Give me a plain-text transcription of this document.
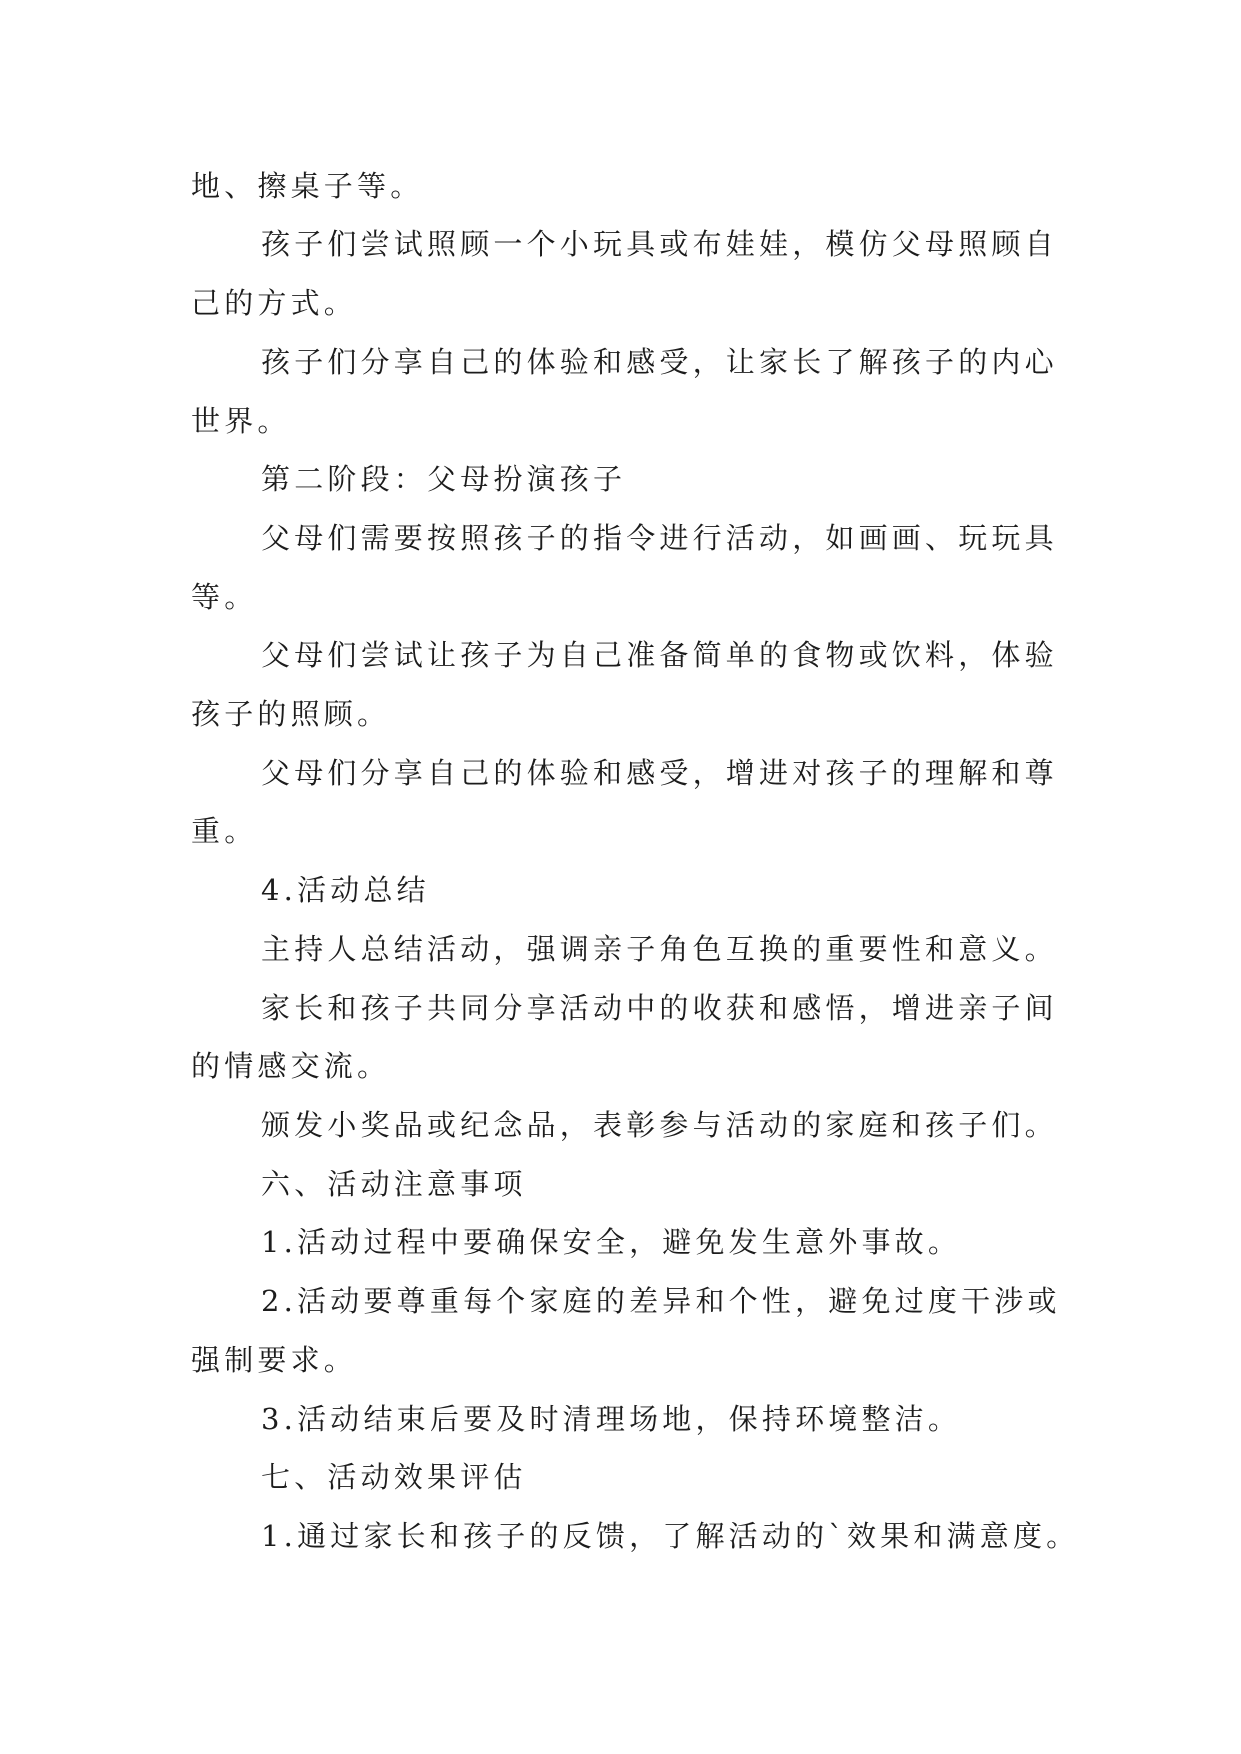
地、擦桌子等。
孩子们尝试照顾一个小玩具或布娃娃，模仿父母照顾自
己的方式。
孩子们分享自己的体验和感受，让家长了解孩子的内心
世界。
第二阶段：父母扮演孩子
父母们需要按照孩子的指令进行活动，如画画、玩玩具
等。
父母们尝试让孩子为自己准备简单的食物或饮料，体验
孩子的照顾。
父母们分享自己的体验和感受，增进对孩子的理解和尊
重。
4.活动总结
主持人总结活动，强调亲子角色互换的重要性和意义。
家长和孩子共同分享活动中的收获和感悟，增进亲子间
的情感交流。
颁发小奖品或纪念品，表彰参与活动的家庭和孩子们。
六、活动注意事项
1.活动过程中要确保安全，避免发生意外事故。
2.活动要尊重每个家庭的差异和个性，避免过度干涉或
强制要求。
3.活动结束后要及时清理场地，保持环境整洁。
七、活动效果评估
1.通过家长和孩子的反馈，了解活动的`效果和满意度。
